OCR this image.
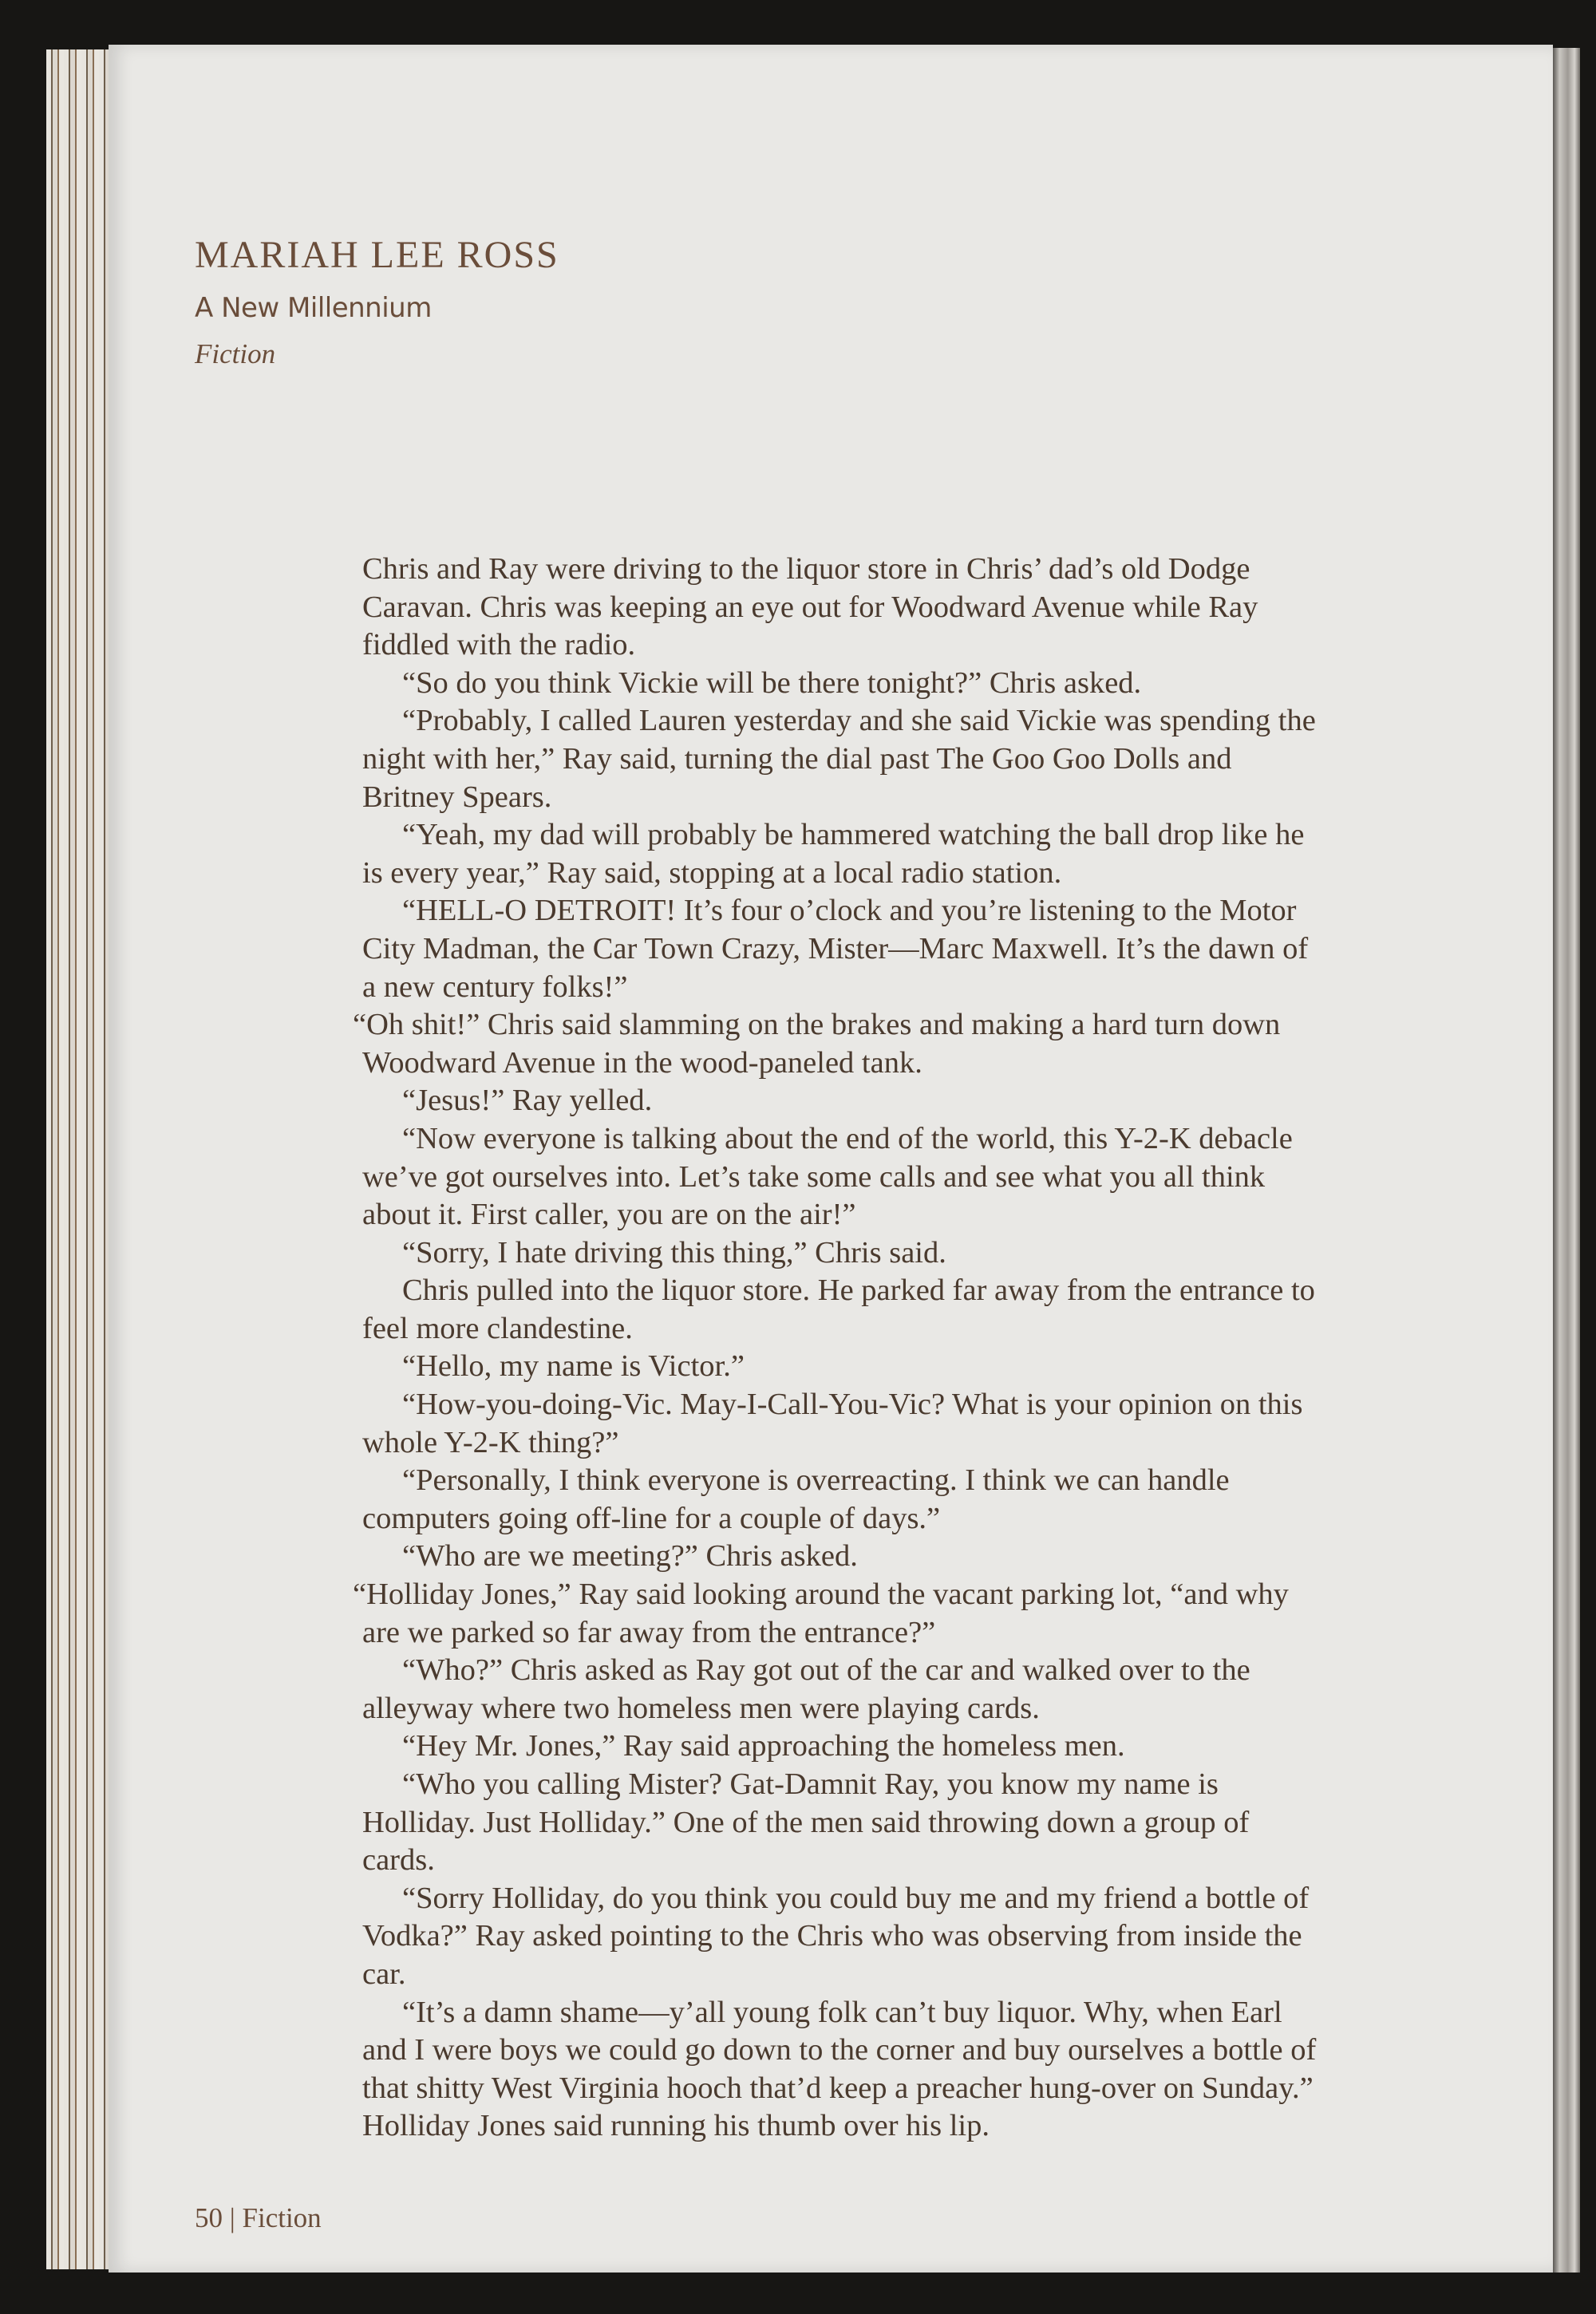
MARIAH LEE ROSS
A New Millennium
Fiction

Chris and Ray were driving to the liquor store in Chris’ dad’s old Dodge Caravan. Chris was keeping an eye out for Woodward Avenue while Ray fiddled with the radio.

“So do you think Vickie will be there tonight?” Chris asked.

“Probably, I called Lauren yesterday and she said Vickie was spending the night with her,” Ray said, turning the dial past The Goo Goo Dolls and Britney Spears.

“Yeah, my dad will probably be hammered watching the ball drop like he is every year,” Ray said, stopping at a local radio station.

“HELL-O DETROIT! It’s four o’clock and you’re listening to the Motor City Madman, the Car Town Crazy, Mister—Marc Maxwell. It’s the dawn of a new century folks!”

“Oh shit!” Chris said slamming on the brakes and making a hard turn down Woodward Avenue in the wood-paneled tank.

“Jesus!” Ray yelled.

“Now everyone is talking about the end of the world, this Y-2-K debacle we’ve got ourselves into. Let’s take some calls and see what you all think about it. First caller, you are on the air!”

“Sorry, I hate driving this thing,” Chris said.

Chris pulled into the liquor store. He parked far away from the entrance to feel more clandestine.

“Hello, my name is Victor.”

“How-you-doing-Vic. May-I-Call-You-Vic? What is your opinion on this whole Y-2-K thing?”

“Personally, I think everyone is overreacting. I think we can handle computers going off-line for a couple of days.”

“Who are we meeting?” Chris asked.

“Holliday Jones,” Ray said looking around the vacant parking lot, “and why are we parked so far away from the entrance?”

“Who?” Chris asked as Ray got out of the car and walked over to the alleyway where two homeless men were playing cards.

“Hey Mr. Jones,” Ray said approaching the homeless men.

“Who you calling Mister? Gat-Damnit Ray, you know my name is Holliday. Just Holliday.” One of the men said throwing down a group of cards.

“Sorry Holliday, do you think you could buy me and my friend a bottle of Vodka?” Ray asked pointing to the Chris who was observing from inside the car.

“It’s a damn shame—y’all young folk can’t buy liquor. Why, when Earl and I were boys we could go down to the corner and buy ourselves a bottle of that shitty West Virginia hooch that’d keep a preacher hung-over on Sunday.” Holliday Jones said running his thumb over his lip.

50 | Fiction
